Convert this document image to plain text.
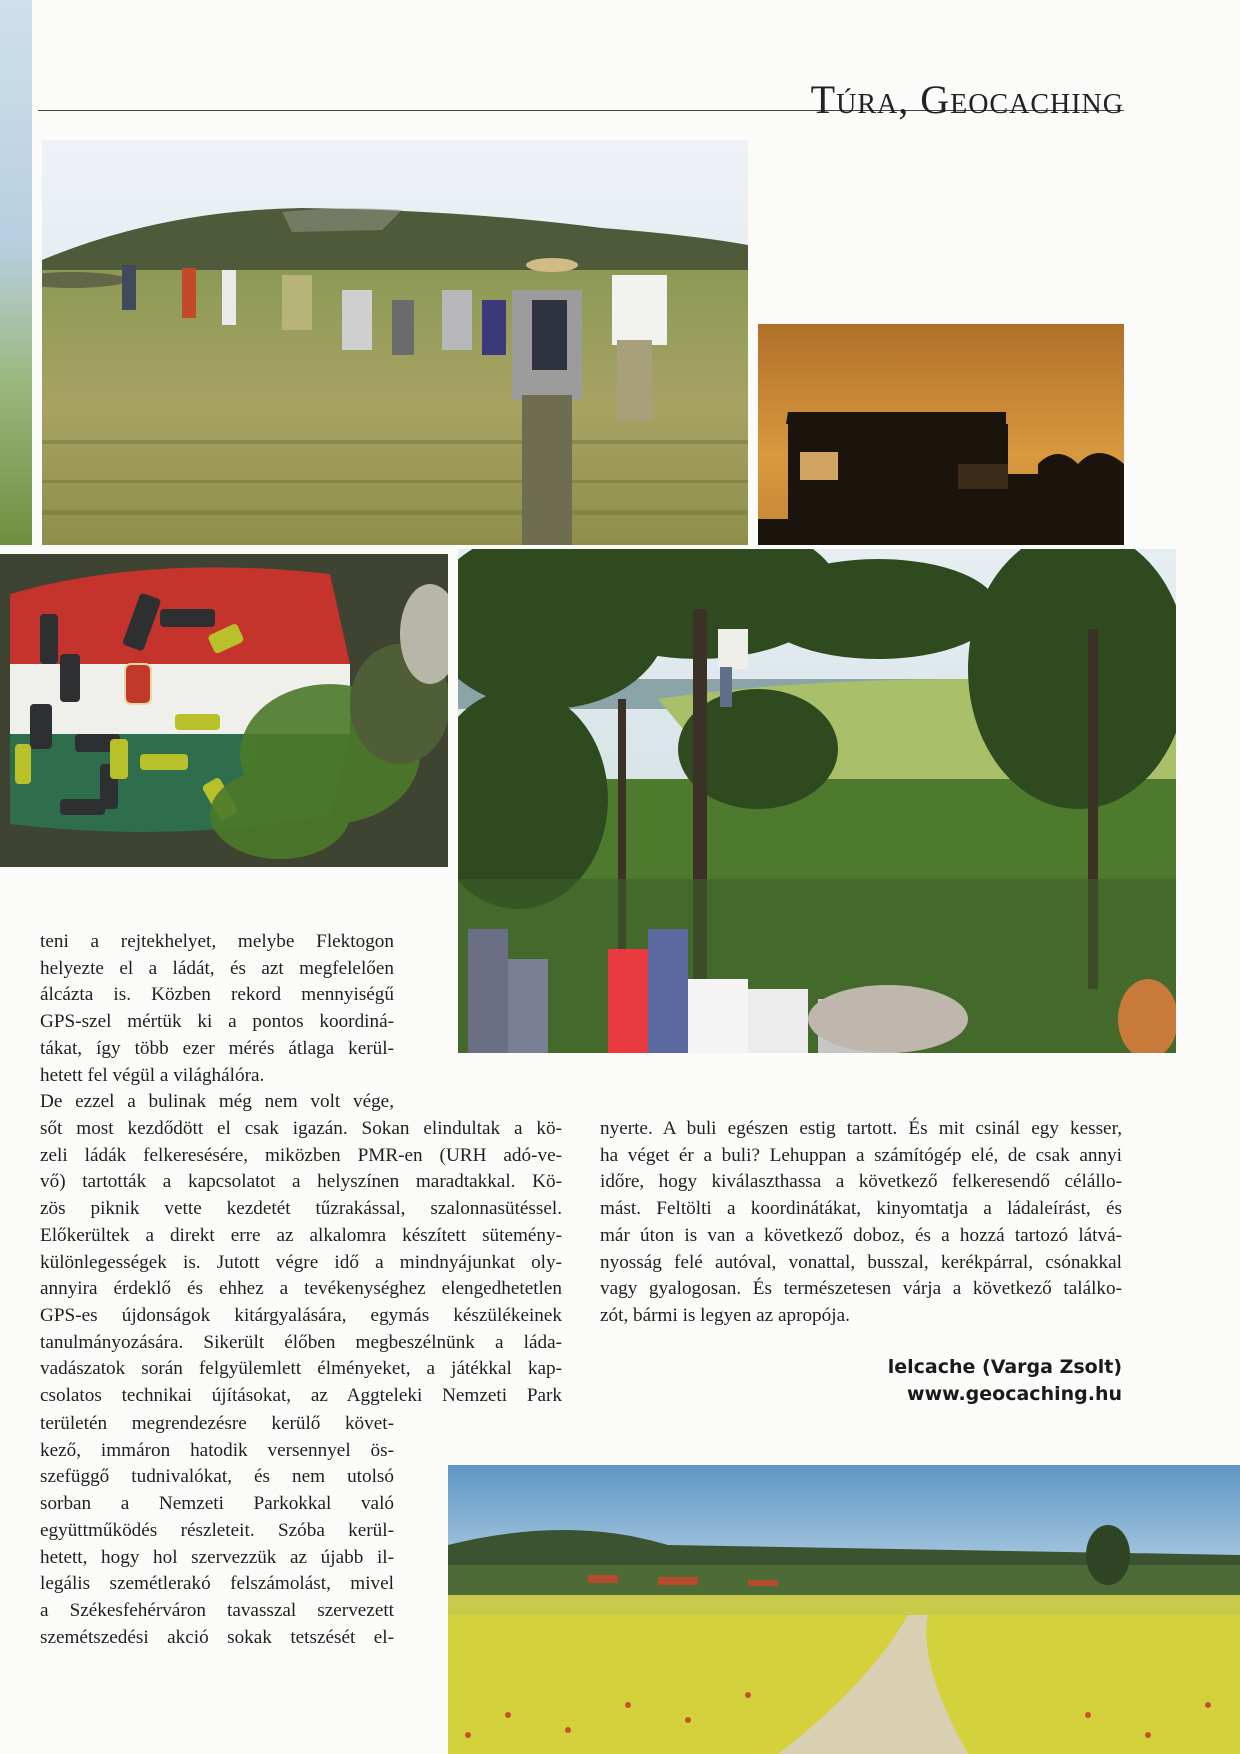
Túra, Geocaching
teni a rejtekhelyet, melybe Flektogon
helyezte el a ládát, és azt megfelelően
álcázta is. Közben rekord mennyiségű
GPS-szel mértük ki a pontos koordiná-
tákat, így több ezer mérés átlaga kerül-
hetett fel végül a világhálóra.
De ezzel a bulinak még nem volt vége,
sőt most kezdődött el csak igazán. Sokan elindultak a kö-
zeli ládák felkeresésére, miközben PMR-en (URH adó-ve-
vő) tartották a kapcsolatot a helyszínen maradtakkal. Kö-
zös piknik vette kezdetét tűzrakással, szalonnasütéssel.
Előkerültek a direkt erre az alkalomra készített sütemény-
különlegességek is. Jutott végre idő a mindnyájunkat oly-
annyira érdeklő és ehhez a tevékenységhez elengedhetetlen
GPS-es újdonságok kitárgyalására, egymás készülékeinek
tanulmányozására. Sikerült élőben megbeszélnünk a láda-
vadászatok során felgyülemlett élményeket, a játékkal kap-
csolatos technikai újításokat, az Aggteleki Nemzeti Park
területén megrendezésre kerülő követ-
kező, immáron hatodik versennyel ös-
szefüggő tudnivalókat, és nem utolsó
sorban a Nemzeti Parkokkal való
együttműködés részleteit. Szóba kerül-
hetett, hogy hol szervezzük az újabb il-
legális szemétlerakó felszámolást, mivel
a Székesfehérváron tavasszal szervezett
szemétszedési akció sokak tetszését el-
nyerte. A buli egészen estig tartott. És mit csinál egy kesser,
ha véget ér a buli? Lehuppan a számítógép elé, de csak annyi
időre, hogy kiválaszthassa a következő felkeresendő célállo-
mást. Feltölti a koordinátákat, kinyomtatja a ládaleírást, és
már úton is van a következő doboz, és a hozzá tartozó látvá-
nyosság felé autóval, vonattal, busszal, kerékpárral, csónakkal
vagy gyalogosan. És természetesen várja a következő találko-
zót, bármi is legyen az apropója.
lelcache (Varga Zsolt)
www.geocaching.hu
